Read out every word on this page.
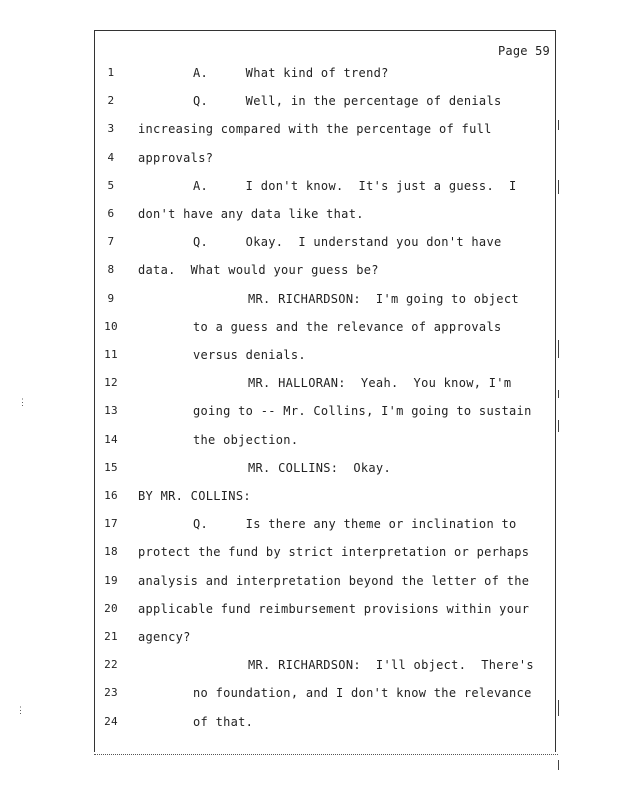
Page 59
1	A.     What kind of trend?
2	Q.     Well, in the percentage of denials
3	increasing compared with the percentage of full
4	approvals?
5	A.     I don't know.  It's just a guess.  I
6	don't have any data like that.
7	Q.     Okay.  I understand you don't have
8	data.  What would your guess be?
9	MR. RICHARDSON:  I'm going to object
10	to a guess and the relevance of approvals
11	versus denials.
12	MR. HALLORAN:  Yeah.  You know, I'm
13	going to -- Mr. Collins, I'm going to sustain
14	the objection.
15	MR. COLLINS:  Okay.
16 BY MR. COLLINS:
17	Q.     Is there any theme or inclination to
18 protect the fund by strict interpretation or perhaps
19 analysis and interpretation beyond the letter of the
20 applicable fund reimbursement provisions within your
21 agency?
22	MR. RICHARDSON:  I'll object.  There's
23	no foundation, and I don't know the relevance
24	of that.
⋮
⋮
